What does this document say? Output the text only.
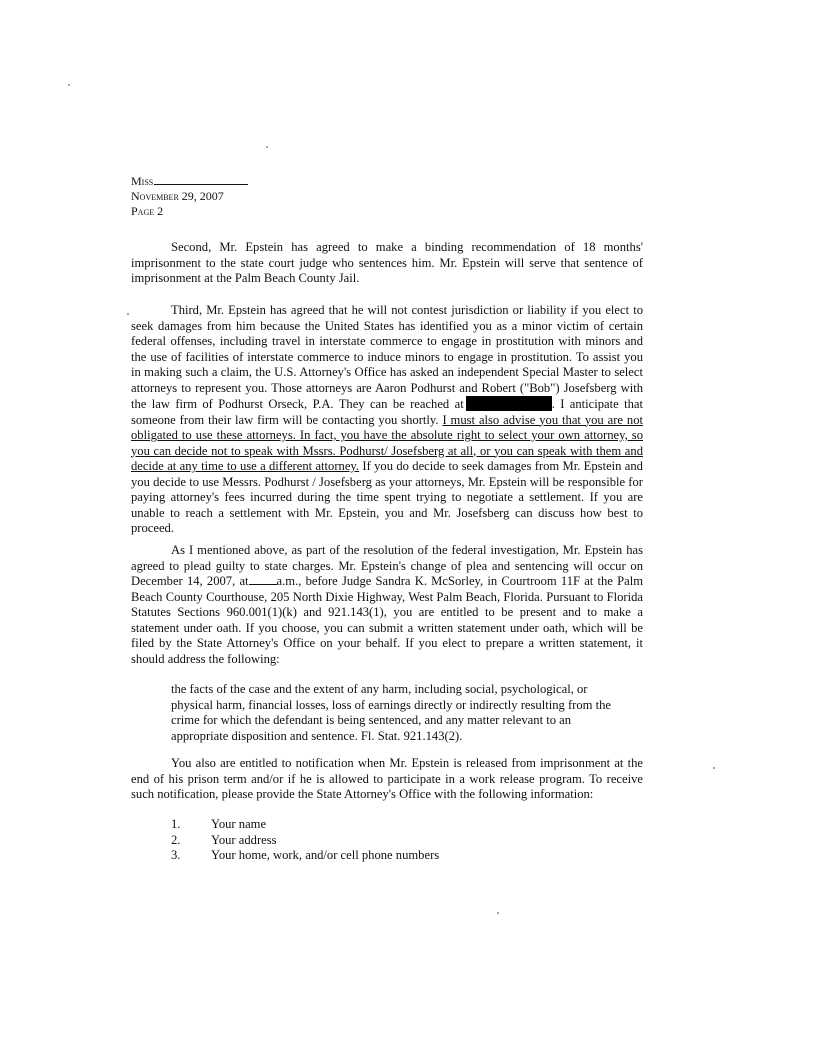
Miss
November 29, 2007
Page 2

Second, Mr. Epstein has agreed to make a binding recommendation of 18 months' imprisonment to the state court judge who sentences him. Mr. Epstein will serve that sentence of imprisonment at the Palm Beach County Jail.

Third, Mr. Epstein has agreed that he will not contest jurisdiction or liability if you elect to seek damages from him because the United States has identified you as a minor victim of certain federal offenses, including travel in interstate commerce to engage in prostitution with minors and the use of facilities of interstate commerce to induce minors to engage in prostitution. To assist you in making such a claim, the U.S. Attorney's Office has asked an independent Special Master to select attorneys to represent you. Those attorneys are Aaron Podhurst and Robert ("Bob") Josefsberg with the law firm of Podhurst Orseck, P.A. They can be reached at	. I anticipate that someone from their law firm will be contacting you shortly. I must also advise you that you are not obligated to use these attorneys. In fact, you have the absolute right to select your own attorney, so you can decide not to speak with Mssrs. Podhurst/ Josefsberg at all, or you can speak with them and decide at any time to use a different attorney. If you do decide to seek damages from Mr. Epstein and you decide to use Messrs. Podhurst / Josefsberg as your attorneys, Mr. Epstein will be responsible for paying attorney's fees incurred during the time spent trying to negotiate a settlement. If you are unable to reach a settlement with Mr. Epstein, you and Mr. Josefsberg can discuss how best to proceed.

As I mentioned above, as part of the resolution of the federal investigation, Mr. Epstein has agreed to plead guilty to state charges. Mr. Epstein's change of plea and sentencing will occur on December 14, 2007, at a.m., before Judge Sandra K. McSorley, in Courtroom 11F at the Palm Beach County Courthouse, 205 North Dixie Highway, West Palm Beach, Florida. Pursuant to Florida Statutes Sections 960.001(1)(k) and 921.143(1), you are entitled to be present and to make a statement under oath. If you choose, you can submit a written statement under oath, which will be filed by the State Attorney's Office on your behalf. If you elect to prepare a written statement, it should address the following:

the facts of the case and the extent of any harm, including social, psychological, or physical harm, financial losses, loss of earnings directly or indirectly resulting from the crime for which the defendant is being sentenced, and any matter relevant to an appropriate disposition and sentence. Fl. Stat. 921.143(2).

You also are entitled to notification when Mr. Epstein is released from imprisonment at the end of his prison term and/or if he is allowed to participate in a work release program. To receive such notification, please provide the State Attorney's Office with the following information:

1. Your name
2. Your address
3. Your home, work, and/or cell phone numbers
